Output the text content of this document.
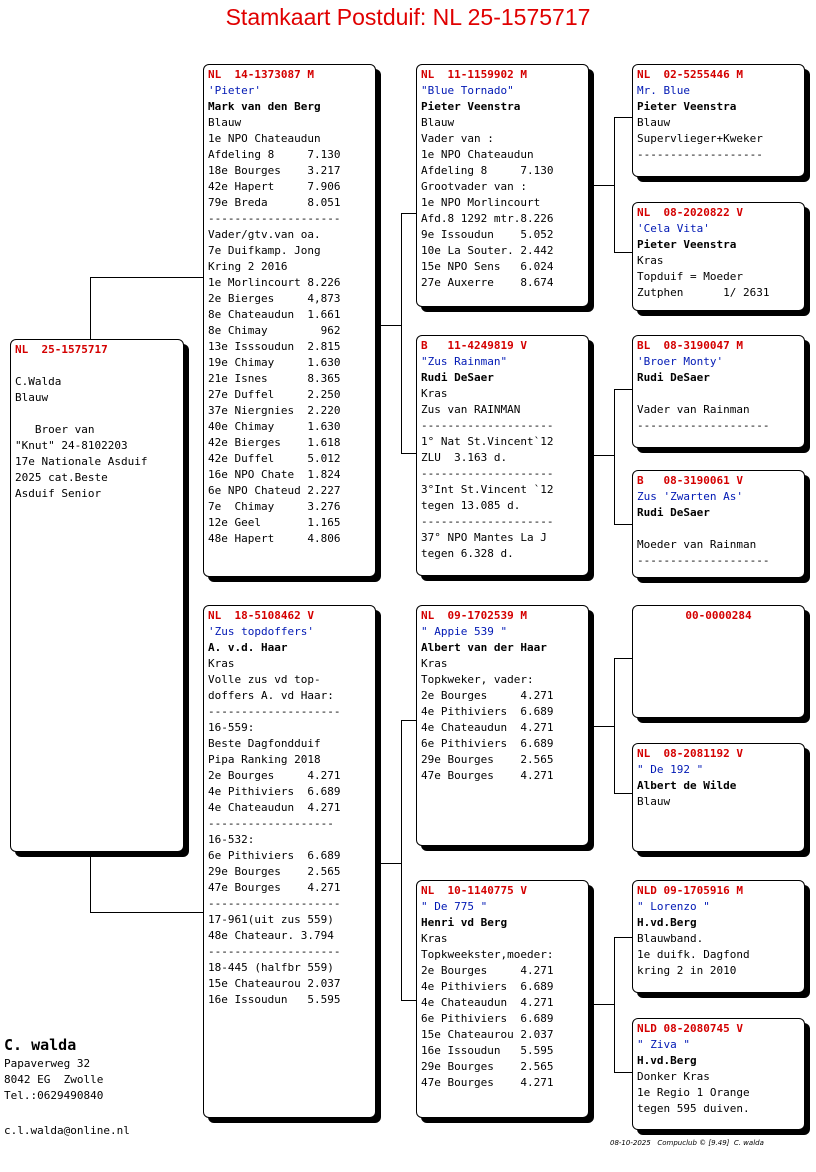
Stamkaart Postduif: NL 25-1575717
NL  25-1575717
C.Walda
Blauw
Broer van
"Knut" 24-8102203
17e Nationale Asduif
2025 cat.Beste
Asduif Senior
NL  14-1373087 M
'Pieter'
Mark van den Berg
Blauw
1e NPO Chateaudun
Afdeling 8     7.130
18e Bourges    3.217
42e Hapert     7.906
79e Breda      8.051
--------------------
Vader/gtv.van oa.
7e Duifkamp. Jong
Kring 2 2016
1e Morlincourt 8.226
2e Bierges     4,873
8e Chateaudun  1.661
8e Chimay        962
13e Isssoudun  2.815
19e Chimay     1.630
21e Isnes      8.365
27e Duffel     2.250
37e Niergnies  2.220
40e Chimay     1.630
42e Bierges    1.618
42e Duffel     5.012
16e NPO Chate  1.824
6e NPO Chateud 2.227
7e  Chimay     3.276
12e Geel       1.165
48e Hapert     4.806
NL  18-5108462 V
'Zus topdoffers'
A. v.d. Haar
Kras
Volle zus vd top-
doffers A. vd Haar:
--------------------
16-559:
Beste Dagfondduif
Pipa Ranking 2018
2e Bourges     4.271
4e Pithiviers  6.689
4e Chateaudun  4.271
-------------------
16-532:
6e Pithiviers  6.689
29e Bourges    2.565
47e Bourges    4.271
--------------------
17-961(uit zus 559)
48e Chateaur. 3.794
--------------------
18-445 (halfbr 559)
15e Chateaurou 2.037
16e Issoudun   5.595
NL  11-1159902 M
"Blue Tornado"
Pieter Veenstra
Blauw
Vader van :
1e NPO Chateaudun
Afdeling 8     7.130
Grootvader van :
1e NPO Morlincourt
Afd.8 1292 mtr.8.226
9e Issoudun    5.052
10e La Souter. 2.442
15e NPO Sens   6.024
27e Auxerre    8.674
B   11-4249819 V
"Zus Rainman"
Rudi DeSaer
Kras
Zus van RAINMAN
--------------------
1° Nat St.Vincent`12
ZLU  3.163 d.
--------------------
3°Int St.Vincent `12
tegen 13.085 d.
--------------------
37° NPO Mantes La J
tegen 6.328 d.
NL  09-1702539 M
" Appie 539 "
Albert van der Haar
Kras
Topkweker, vader:
2e Bourges     4.271
4e Pithiviers  6.689
4e Chateaudun  4.271
6e Pithiviers  6.689
29e Bourges    2.565
47e Bourges    4.271
NL  10-1140775 V
" De 775 "
Henri vd Berg
Kras
Topkweekster,moeder:
2e Bourges     4.271
4e Pithiviers  6.689
4e Chateaudun  4.271
6e Pithiviers  6.689
15e Chateaurou 2.037
16e Issoudun   5.595
29e Bourges    2.565
47e Bourges    4.271
NL  02-5255446 M
Mr. Blue
Pieter Veenstra
Blauw
Supervlieger+Kweker
-------------------
NL  08-2020822 V
'Cela Vita'
Pieter Veenstra
Kras
Topduif = Moeder
Zutphen      1/ 2631
BL  08-3190047 M
'Broer Monty'
Rudi DeSaer
Vader van Rainman
--------------------
B   08-3190061 V
Zus 'Zwarten As'
Rudi DeSaer
Moeder van Rainman
--------------------
00-0000284
NL  08-2081192 V
" De 192 "
Albert de Wilde
Blauw
NLD 09-1705916 M
" Lorenzo "
H.vd.Berg
Blauwband.
1e duifk. Dagfond
kring 2 in 2010
NLD 08-2080745 V
" Ziva "
H.vd.Berg
Donker Kras
1e Regio 1 Orange
tegen 595 duiven.
C. walda
Papaverweg 32
8042 EG  Zwolle
Tel.:0629490840
c.l.walda@online.nl
08-10-2025   Compuclub © [9.49]  C. walda
